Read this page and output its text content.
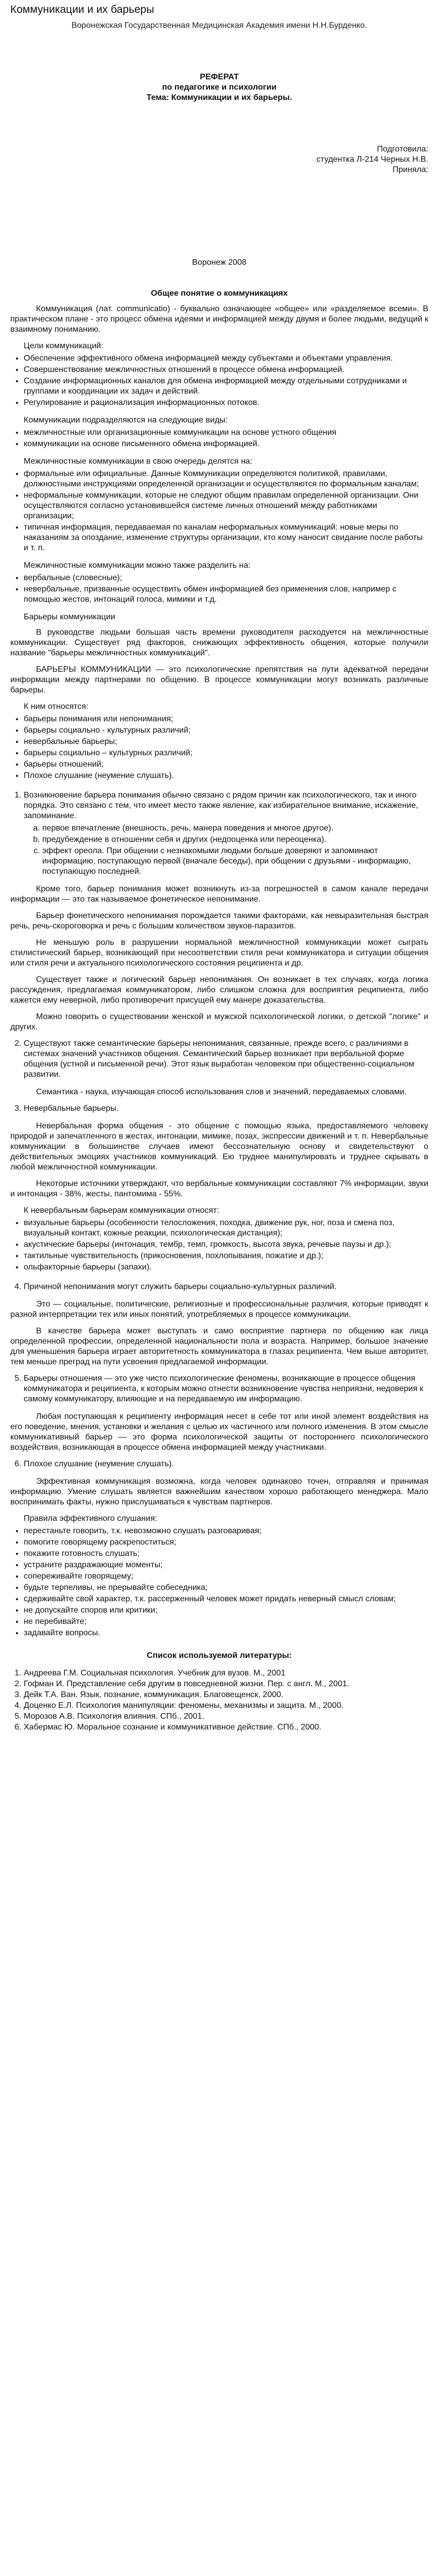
Коммуникации и их барьеры
Воронежская Государственная Медицинская Академия имени Н.Н.Бурденко.
РЕФЕРАТ
по педагогике и психологии
Тема: Коммуникации и их барьеры.
Подготовила:
студентка Л-214 Черных Н.В.
Приняла:
Воронеж 2008
Общее понятие о коммуникациях

Коммуникация (лат. communicatio) - буквально означающее «общее» или «разделяемое всеми». В практическом плане - это процесс обмена идеями и информацией между двумя и более людьми, ведущий к взаимному пониманию.

Цели коммуникаций:
• Обеспечение эффективного обмена информацией между субъектами и объектами управления.
• Совершенствование межличностных отношений в процессе обмена информацией.
• Создание информационных каналов для обмена информацией между отдельными сотрудниками и группами и координации их задач и действий.
• Регулирование и рационализация информационных потоков.
Коммуникации подразделяются на следующие виды:
• межличностные или организационные коммуникации на основе устного общения
• коммуникации на основе письменного обмена информацией.
Межличностные коммуникации в свою очередь делятся на:
• формальные или официальные. Данные Коммуникации определяются политикой, правилами, должностными инструкциями определенной организации и осуществляются по формальным каналам;
• неформальные коммуникации, которые не следуют общим правилам определенной организации. Они осуществляются согласно установившейся системе личных отношений между работниками организации;
• типичная информация, передаваемая по каналам неформальных коммуникаций: новые меры по наказаниям за опоздание, изменение структуры организации, кто кому наносит свидание после работы и т. п.
Межличностные коммуникации можно также разделить на:
• вербальные (словесные);
• невербальные, призванные осуществить обмен информацией без применения слов, например с помощью жестов, интонаций голоса, мимики и т.д.
Барьеры коммуникации

В руководстве людьми большая часть времени руководителя расходуется на межличностные коммуникации. Существует ряд факторов, снижающих эффективность общения, которые получили название "барьеры межличностных коммуникаций".

БАРЬЕРЫ КОММУНИКАЦИИ — это психологические препятствия на пути адекватной передачи информации между партнерами по общению. В процессе коммуникации могут возникать различные барьеры.

К ним относятся:
• барьеры понимания или непонимания;
• барьеры социально - культурных различий;
• невербальные барьеры;
• барьеры социально – культурных различий;
• барьеры отношений;
• Плохое слушание (неумение слушать).
1. Возникновение барьера понимания обычно связано с рядом причин как психологического, так и иного порядка. Это связано с тем, что имеет место также явление, как избирательное внимание, искажение, запоминание.
a. первое впечатление (внешность, речь, манера поведения и многое другое).
b. предубеждение в отношении себя и других (недооценка или переоценка).
c. эффект ореола. При общении с незнакомыми людьми больше доверяют и запоминают информацию, поступающую первой (вначале беседы), при общении с друзьями - информацию, поступающую последней.

Кроме того, барьер понимания может возникнуть из-за погрешностей в самом канале передачи информации — это так называемое фонетическое непонимание.

Барьер фонетического непонимания порождается такими факторами, как невыразительная быстрая речь, речь-скороговорка и речь с большим количеством звуков-паразитов.

Не меньшую роль в разрушении нормальной межличностной коммуникации может сыграть стилистический барьер, возникающий при несоответствии стиля речи коммуникатора и ситуации общения или стиля речи и актуального психологического состояния реципиента и др.

Существует также и логический барьер непонимания. Он возникает в тех случаях, когда логика рассуждения, предлагаемая коммуникатором, либо слишком сложна для восприятия реципиента, либо кажется ему неверной, либо противоречит присущей ему манере доказательства.

Можно говорить о существовании женской и мужской психологической логики, о детской "логике" и других.

2. Существуют также семантические барьеры непонимания, связанные, прежде всего, с различиями в системах значений участников общения. Семантический барьер возникает при вербальной форме общения (устной и письменной речи). Этот язык выработан человеком при общественно-социальном развитии.

Семантика - наука, изучающая способ использования слов и значений, передаваемых словами.

3. Невербальные барьеры.

Невербальная форма общения - это общение с помощью языка, предоставляемого человеку природой и запечатленного в жестах, интонации, мимике, позах, экспрессии движений и т. п. Невербальные коммуникации в большинстве случаев имеют бессознательную основу и свидетельствуют о действительных эмоциях участников коммуникаций. Ею труднее манипулировать и труднее скрывать в любой межличностной коммуникации.

Некоторые источники утверждают, что вербальные коммуникации составляют 7% информации, звуки и интонация - 38%, жесты, пантомима - 55%.

К невербальным барьерам коммуникации относят:
• визуальные барьеры (особенности телосложения, походка, движение рук, ног, поза и смена поз, визуальный контакт, кожные реакции, психологическая дистанция);
• акустические барьеры (интонация, тембр, темп, громкость, высота звука, речевые паузы и др.);
• тактильные чувствительность (прикосновения, похлопывания, пожатие и др.);
• ольфакторные барьеры (запахи).
4. Причиной непонимания могут служить барьеры социально-культурных различий.

Это — социальные, политические, религиозные и профессиональные различия, которые приводят к разной интерпретации тех или иных понятий, употребляемых в процессе коммуникации.

В качестве барьера может выступать и само восприятие партнера по общению как лица определенной профессии, определенной национальности пола и возраста. Например, большое значение для уменьшения барьера играет авторитетность коммуникатора в глазах реципиента. Чем выше авторитет, тем меньше преград на пути усвоения предлагаемой информации.

5. Барьеры отношения — это уже чисто психологические феномены, возникающие в процессе общения коммуникатора и реципиента, к которым можно отнести возникновение чувства неприязни, недоверия к самому коммуникатору, влияющие и на передаваемую им информацию.

Любая поступающая к реципиенту информация несет в себе тот или иной элемент воздействия на его поведение, мнения, установки и желания с целью их частичного или полного изменения. В этом смысле коммуникативный барьер — это форма психологической защиты от постороннего психологического воздействия, возникающая в процессе обмена информацией между участниками.

6. Плохое слушание (неумение слушать).

Эффективная коммуникация возможна, когда человек одинаково точен, отправляя и принимая информацию. Умение слушать является важнейшим качеством хорошо работающего менеджера. Мало воспринимать факты, нужно прислушиваться к чувствам партнеров.

Правила эффективного слушания:
• перестаньте говорить, т.к. невозможно слушать разговаривая;
• помогите говорящему раскрепоститься;
• покажите готовность слушать;
• устраните раздражающие моменты;
• сопереживайте говорящему;
• будьте терпеливы, не прерывайте собеседника;
• сдерживайте свой характер, т.к. рассерженный человек может придать неверный смысл словам;
• не допускайте споров или критики;
• не перебивайте;
• задавайте вопросы.
Список используемой литературы:
1. Андреева Г.М. Социальная психология. Учебник для вузов. М., 2001
2. Гофман И. Представление себя другим в повседневной жизни. Пер. с англ. М., 2001.
3. Дейк Т.А. Ван. Язык, познание, коммуникация. Благовещенск, 2000.
4. Доценко Е.Л. Психология манипуляции: феномены, механизмы и защита. М., 2000.
5. Морозов А.В. Психология влияния. СПб., 2001.
6. Хабермас Ю. Моральное сознание и коммуникативное действие. СПб., 2000.
